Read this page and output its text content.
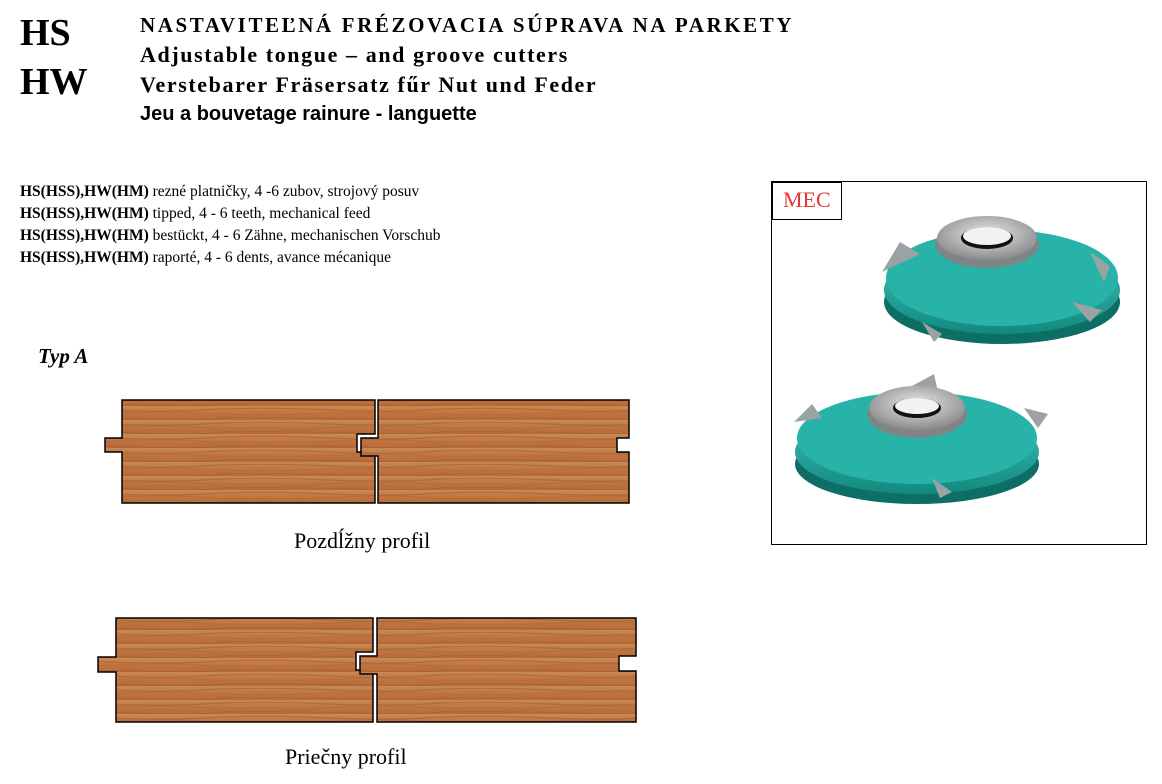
HS
HW
NASTAVITEĽNÁ FRÉZOVACIA SÚPRAVA NA PARKETY
Adjustable tongue – and groove cutters
Verstebarer Fräsersatz fűr Nut und Feder
Jeu a bouvetage rainure - languette
HS(HSS),HW(HM) rezné platničky, 4 -6 zubov, strojový posuv
HS(HSS),HW(HM) tipped, 4 - 6 teeth, mechanical feed
HS(HSS),HW(HM) bestückt, 4 - 6 Zähne, mechanischen Vorschub
HS(HSS),HW(HM) raporté, 4 - 6 dents, avance mécanique
Typ A
Pozdĺžny profil
Priečny profil
MEC
